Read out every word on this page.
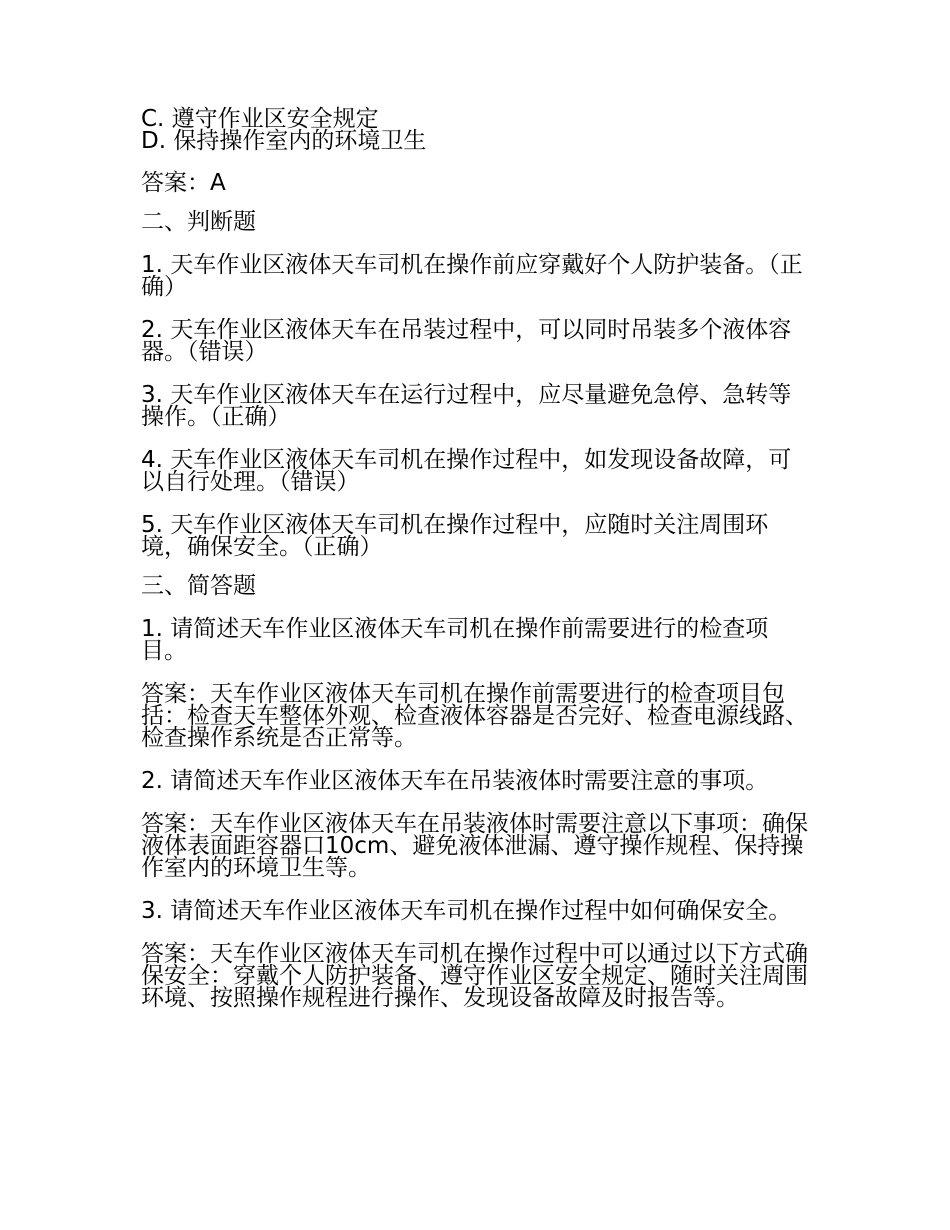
C. 遵守作业区安全规定

D. 保持操作室内的环境卫生

答案：A

二、判断题

1. 天车作业区液体天车司机在操作前应穿戴好个人防护装备。（正确）

2. 天车作业区液体天车在吊装过程中，可以同时吊装多个液体容器。（错误）

3. 天车作业区液体天车在运行过程中，应尽量避免急停、急转等操作。（正确）

4. 天车作业区液体天车司机在操作过程中，如发现设备故障，可以自行处理。（错误）

5. 天车作业区液体天车司机在操作过程中，应随时关注周围环境，确保安全。（正确）

三、简答题

1. 请简述天车作业区液体天车司机在操作前需要进行的检查项目。

答案：天车作业区液体天车司机在操作前需要进行的检查项目包括：检查天车整体外观、检查液体容器是否完好、检查电源线路、检查操作系统是否正常等。

2. 请简述天车作业区液体天车在吊装液体时需要注意的事项。

答案：天车作业区液体天车在吊装液体时需要注意以下事项：确保液体表面距容器口10cm、避免液体泄漏、遵守操作规程、保持操作室内的环境卫生等。

3. 请简述天车作业区液体天车司机在操作过程中如何确保安全。

答案：天车作业区液体天车司机在操作过程中可以通过以下方式确保安全：穿戴个人防护装备、遵守作业区安全规定、随时关注周围环境、按照操作规程进行操作、发现设备故障及时报告等。
